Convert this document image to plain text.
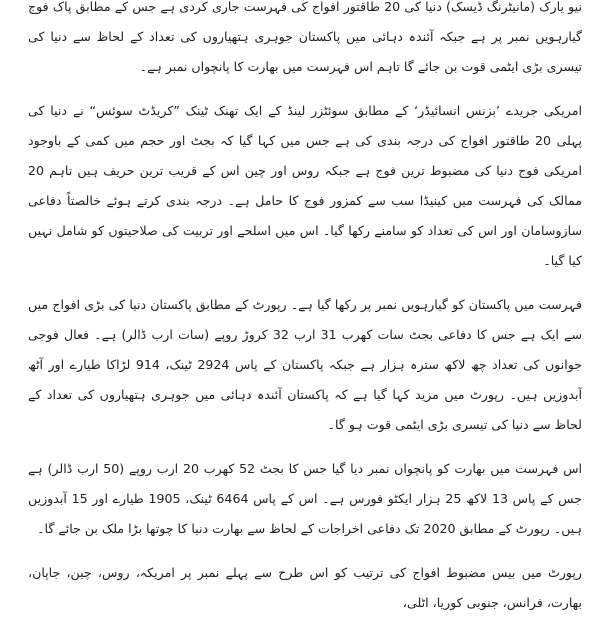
نیو یارک (مانیٹرنگ ڈیسک) دنیا کی 20 طاقتور افواج کی فہرست جاری کردی ہے جس کے مطابق پاک فوج گیارہویں نمبر پر ہے جبکہ آئندہ دہائی میں پاکستان جوہری ہتھیاروں کی تعداد کے لحاظ سے دنیا کی تیسری بڑی ایٹمی قوت بن جائے گا تاہم اس فہرست میں بھارت کا پانچواں نمبر ہے۔

امریکی جریدے ’بزنس انسائیڈر‘ کے مطابق سوئٹزر لینڈ کے ایک تھنک ٹینک ”کریڈٹ سوئس“ نے دنیا کی پہلی 20 طاقتور افواج کی درجہ بندی کی ہے جس میں کہا گیا کہ بجٹ اور حجم میں کمی کے باوجود امریکی فوج دنیا کی مضبوط ترین فوج ہے جبکہ روس اور چین اس کے قریب ترین حریف ہیں تاہم 20 ممالک کی فہرست میں کینیڈا سب سے کمزور فوج کا حامل ہے۔ درجہ بندی کرتے ہوئے خالصتاً دفاعی سازوسامان اور اس کی تعداد کو سامنے رکھا گیا۔ اس میں اسلحے اور تربیت کی صلاحیتوں کو شامل نہیں کیا گیا۔

فہرست میں پاکستان کو گیارہویں نمبر پر رکھا گیا ہے۔ رپورٹ کے مطابق پاکستان دنیا کی بڑی افواج میں سے ایک ہے جس کا دفاعی بجٹ سات کھرب 31 ارب 32 کروڑ روپے (سات ارب ڈالر) ہے۔ فعال فوجی جوانوں کی تعداد چھ لاکھ سترہ ہزار ہے جبکہ پاکستان کے پاس 2924 ٹینک، 914 لڑاکا طیارے اور آٹھ آبدوزیں ہیں۔ رپورٹ میں مزید کہا گیا ہے کہ پاکستان آئندہ دہائی میں جوہری ہتھیاروں کی تعداد کے لحاظ سے دنیا کی تیسری بڑی ایٹمی قوت ہو گا۔

اس فہرست میں بھارت کو پانچواں نمبر دیا گیا جس کا بجٹ 52 کھرب 20 ارب روپے (50 ارب ڈالر) ہے جس کے پاس 13 لاکھ 25 ہزار ایکٹو فورس ہے۔ اس کے پاس 6464 ٹینک، 1905 طیارے اور 15 آبدوزیں ہیں۔ رپورٹ کے مطابق 2020 تک دفاعی اخراجات کے لحاظ سے بھارت دنیا کا چوتھا بڑا ملک بن جائے گا۔

رپورٹ میں بیس مضبوط افواج کی ترتیب کو اس طرح سے پہلے نمبر پر امریکہ، روس، چین، جاپان، بھارت، فرانس، جنوبی کوریا، اٹلی،
